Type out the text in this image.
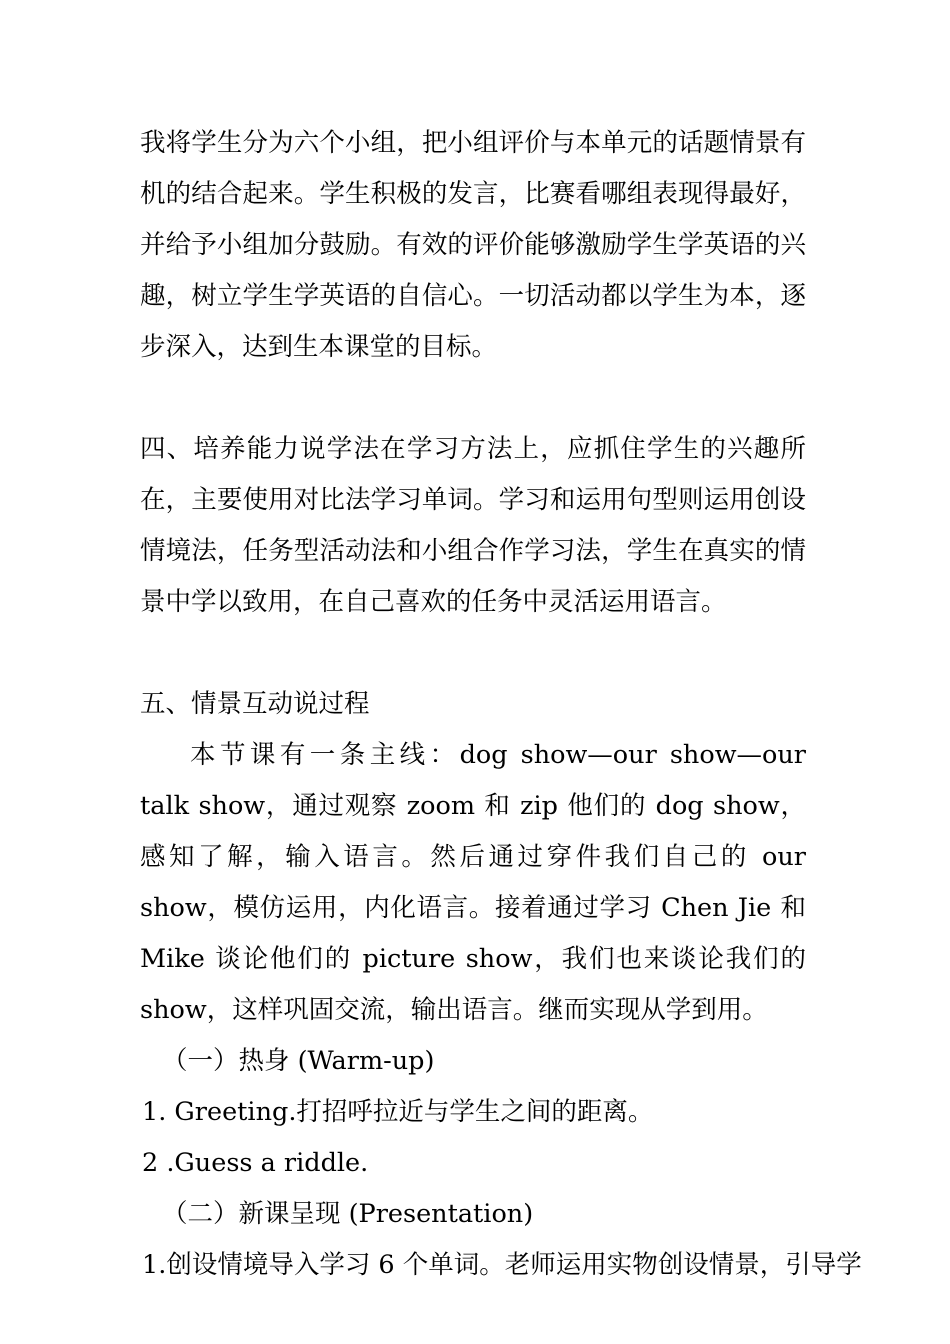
我将学生分为六个小组，把小组评价与本单元的话题情景有机的结合起来。学生积极的发言，比赛看哪组表现得最好，并给予小组加分鼓励。有效的评价能够激励学生学英语的兴趣，树立学生学英语的自信心。一切活动都以学生为本，逐步深入，达到生本课堂的目标。

四、培养能力说学法在学习方法上，应抓住学生的兴趣所在，主要使用对比法学习单词。学习和运用句型则运用创设情境法，任务型活动法和小组合作学习法，学生在真实的情景中学以致用，在自己喜欢的任务中灵活运用语言。

五、情景互动说过程

本节课有一条主线：dog show—our show—our talk show，通过观察 zoom 和 zip 他们的 dog show，感知了解，输入语言。然后通过穿件我们自己的 our show，模仿运用，内化语言。接着通过学习 Chen Jie 和 Mike 谈论他们的 picture show，我们也来谈论我们的 show，这样巩固交流，输出语言。继而实现从学到用。

（一）热身 (Warm-up)

1. Greeting.打招呼拉近与学生之间的距离。

2 .Guess a riddle.

（二）新课呈现 (Presentation)

1.创设情境导入学习 6 个单词。老师运用实物创设情景，引导学
